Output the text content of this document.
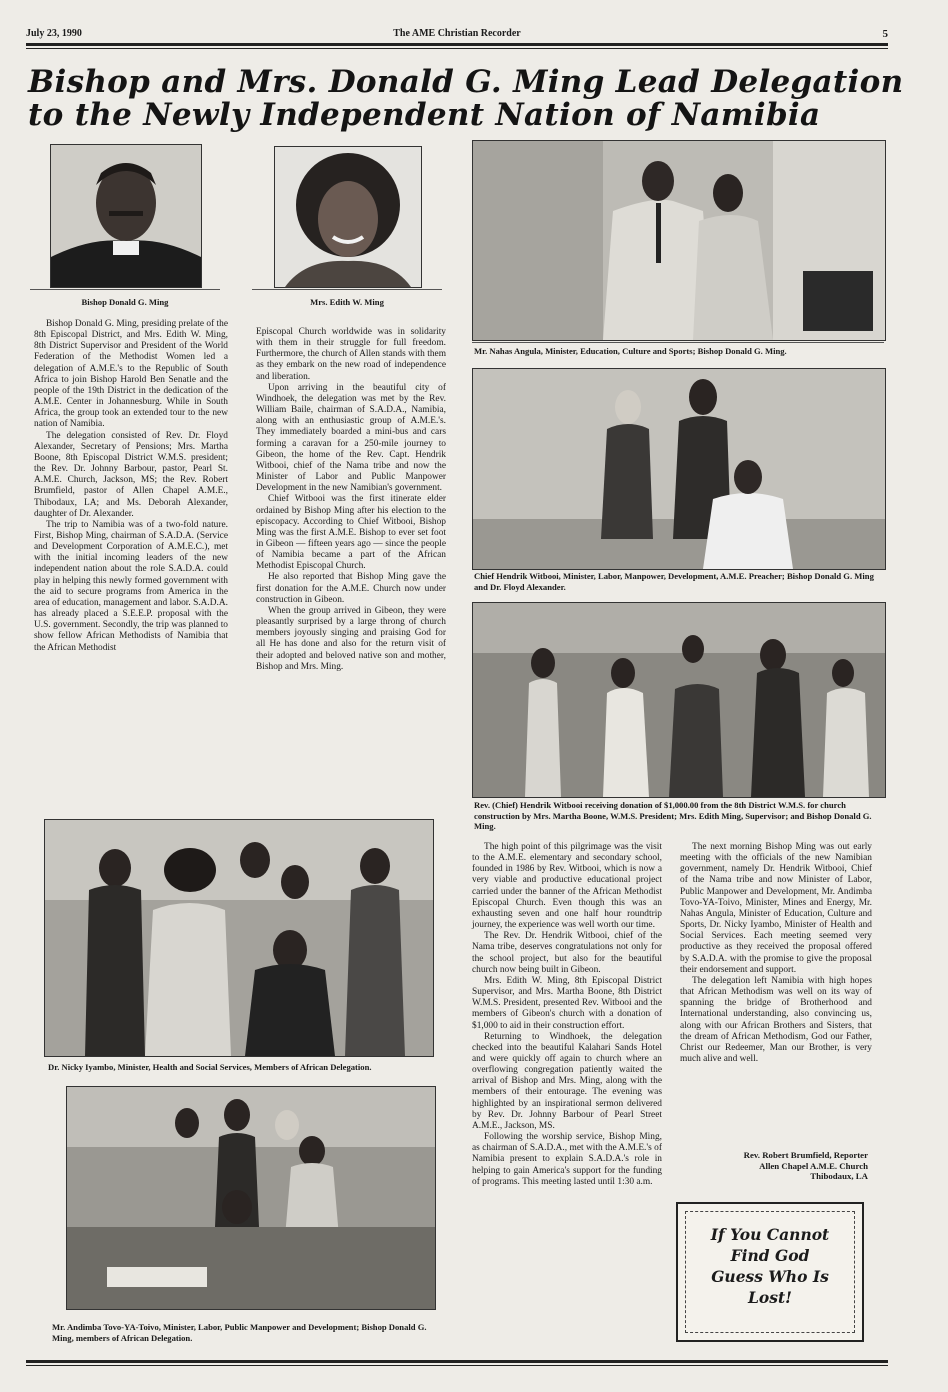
July 23, 1990	The AME Christian Recorder	5
Bishop and Mrs. Donald G. Ming Lead Delegation
to the Newly Independent Nation of Namibia
Bishop Donald G. Ming	Mrs. Edith W. Ming

Bishop Donald G. Ming, presiding prelate of the 8th Episcopal District, and Mrs. Edith W. Ming, 8th District Supervisor and President of the World Federation of the Methodist Women led a delegation of A.M.E.'s to the Republic of South Africa to join Bishop Harold Ben Senatle and the people of the 19th District in the dedication of the A.M.E. Center in Johannesburg. While in South Africa, the group took an extended tour to the new nation of Namibia.

The delegation consisted of Rev. Dr. Floyd Alexander, Secretary of Pensions; Mrs. Martha Boone, 8th Episcopal District W.M.S. president; the Rev. Dr. Johnny Barbour, pastor, Pearl St. A.M.E. Church, Jackson, MS; the Rev. Robert Brumfield, pastor of Allen Chapel A.M.E., Thibodaux, LA; and Ms. Deborah Alexander, daughter of Dr. Alexander.

The trip to Namibia was of a two-fold nature. First, Bishop Ming, chairman of S.A.D.A. (Service and Development Corporation of A.M.E.C.), met with the initial incoming leaders of the new independent nation about the role S.A.D.A. could play in helping this newly formed government with the aid to secure programs from America in the area of education, management and labor. S.A.D.A. has already placed a S.E.E.P. proposal with the U.S. government. Secondly, the trip was planned to show fellow African Methodists of Namibia that the African Methodist

Episcopal Church worldwide was in solidarity with them in their struggle for full freedom. Furthermore, the church of Allen stands with them as they embark on the new road of independence and liberation.

Upon arriving in the beautiful city of Windhoek, the delegation was met by the Rev. William Baile, chairman of S.A.D.A., Namibia, along with an enthusiastic group of A.M.E.'s. They immediately boarded a mini-bus and cars forming a caravan for a 250-mile journey to Gibeon, the home of the Rev. Capt. Hendrik Witbooi, chief of the Nama tribe and now the Minister of Labor and Public Manpower Development in the new Namibian's government.

Chief Witbooi was the first itinerate elder ordained by Bishop Ming after his election to the episcopacy. According to Chief Witbooi, Bishop Ming was the first A.M.E. Bishop to ever set foot in Gibeon — fifteen years ago — since the people of Namibia became a part of the African Methodist Episcopal Church.

He also reported that Bishop Ming gave the first donation for the A.M.E. Church now under construction in Gibeon.

When the group arrived in Gibeon, they were pleasantly surprised by a large throng of church members joyously singing and praising God for all He has done and also for the return visit of their adopted and beloved native son and mother, Bishop and Mrs. Ming.

Mr. Nahas Angula, Minister, Education, Culture and Sports; Bishop Donald G. Ming.
Chief Hendrik Witbooi, Minister, Labor, Manpower, Development, A.M.E. Preacher; Bishop Donald G. Ming and Dr. Floyd Alexander.
Rev. (Chief) Hendrik Witbooi receiving donation of $1,000.00 from the 8th District W.M.S. for church construction by Mrs. Martha Boone, W.M.S. President; Mrs. Edith Ming, Supervisor; and Bishop Donald G. Ming.
Dr. Nicky Iyambo, Minister, Health and Social Services, Members of African Delegation.
Mr. Andimba Tovo-YA-Toivo, Minister, Labor, Public Manpower and Development; Bishop Donald G. Ming, members of African Delegation.

The high point of this pilgrimage was the visit to the A.M.E. elementary and secondary school, founded in 1986 by Rev. Witbooi, which is now a very viable and productive educational project carried under the banner of the African Methodist Episcopal Church. Even though this was an exhausting seven and one half hour roundtrip journey, the experience was well worth our time.

The Rev. Dr. Hendrik Witbooi, chief of the Nama tribe, deserves congratulations not only for the school project, but also for the beautiful church now being built in Gibeon.

Mrs. Edith W. Ming, 8th Episcopal District Supervisor, and Mrs. Martha Boone, 8th District W.M.S. President, presented Rev. Witbooi and the members of Gibeon's church with a donation of $1,000 to aid in their construction effort.

Returning to Windhoek, the delegation checked into the beautiful Kalahari Sands Hotel and were quickly off again to church where an overflowing congregation patiently waited the arrival of Bishop and Mrs. Ming, along with the members of their entourage. The evening was highlighted by an inspirational sermon delivered by Rev. Dr. Johnny Barbour of Pearl Street A.M.E., Jackson, MS.

Following the worship service, Bishop Ming, as chairman of S.A.D.A., met with the A.M.E.'s of Namibia present to explain S.A.D.A.'s role in helping to gain America's support for the funding of programs. This meeting lasted until 1:30 a.m.

The next morning Bishop Ming was out early meeting with the officials of the new Namibian government, namely Dr. Hendrik Witbooi, Chief of the Nama tribe and now Minister of Labor, Public Manpower and Development, Mr. Andimba Tovo-YA-Toivo, Minister, Mines and Energy, Mr. Nahas Angula, Minister of Education, Culture and Sports, Dr. Nicky Iyambo, Minister of Health and Social Services. Each meeting seemed very productive as they received the proposal offered by S.A.D.A. with the promise to give the proposal their endorsement and support.

The delegation left Namibia with high hopes that African Methodism was well on its way of spanning the bridge of Brotherhood and International understanding, also convincing us, along with our African Brothers and Sisters, that the dream of African Methodism, God our Father, Christ our Redeemer, Man our Brother, is very much alive and well.

Rev. Robert Brumfield, Reporter
Allen Chapel A.M.E. Church
Thibodaux, LA
If You Cannot
Find God
Guess Who Is
Lost!
